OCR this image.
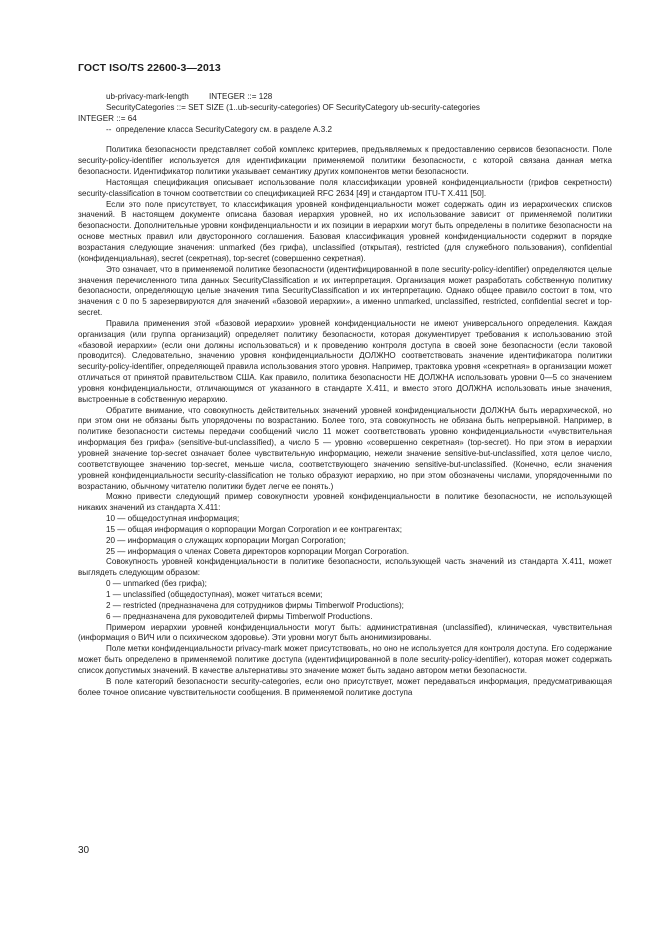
ГОСТ ISO/TS 22600-3—2013

ub-privacy-mark-length         INTEGER ::= 128

SecurityCategories ::= SET SIZE (1..ub-security-categories) OF SecurityCategory ub-security-categories

INTEGER ::= 64

--  определение класса SecurityCategory см. в разделе А.3.2

Политика безопасности представляет собой комплекс критериев, предъявляемых к предоставлению сервисов безопасности. Поле security-policy-identifier используется для идентификации применяемой политики безопасности, с которой связана данная метка безопасности. Идентификатор политики указывает семантику других компонентов метки безопасности.

Настоящая спецификация описывает использование поля классификации уровней конфиденциальности (грифов секретности) security-classification в точном соответствии со спецификацией RFC 2634 [49] и стандартом ITU-T X.411 [50].

Если это поле присутствует, то классификация уровней конфиденциальности может содержать один из иерархических списков значений. В настоящем документе описана базовая иерархия уровней, но их использование зависит от применяемой политики безопасности. Дополнительные уровни конфиденциальности и их позиции в иерархии могут быть определены в политике безопасности на основе местных правил или двусторонного соглашения. Базовая классификация уровней конфиденциальности содержит в порядке возрастания следующие значения: unmarked (без грифа), unclassified (открытая), restricted (для служебного пользования), confidential (конфиденциальная), secret (секретная), top-secret (совершенно секретная).

Это означает, что в применяемой политике безопасности (идентифицированной в поле security-policy-identifier) определяются целые значения перечисленного типа данных SecurityClassification и их интерпретация. Организация может разработать собственную политику безопасности, определяющую целые значения типа SecurityClassification и их интерпретацию. Однако общее правило состоит в том, что значения с 0 по 5 зарезервируются для значений «базовой иерархии», а именно unmarked, unclassified, restricted, confidential secret и top-secret.

Правила применения этой «базовой иерархии» уровней конфиденциальности не имеют универсального определения. Каждая организация (или группа организаций) определяет политику безопасности, которая документирует требования к использованию этой «базовой иерархии» (если они должны использоваться) и к проведению контроля доступа в своей зоне безопасности (если таковой проводится). Следовательно, значению уровня конфиденциальности ДОЛЖНО соответствовать значение идентификатора политики security-policy-identifier, определяющей правила использования этого уровня. Например, трактовка уровня «секретная» в организации может отличаться от принятой правительством США. Как правило, политика безопасности НЕ ДОЛЖНА использовать уровни 0—5 со значением уровня конфиденциальности, отличающимся от указанного в стандарте X.411, и вместо этого ДОЛЖНА использовать иные значения, выстроенные в собственную иерархию.

Обратите внимание, что совокупность действительных значений уровней конфиденциальности ДОЛЖНА быть иерархической, но при этом они не обязаны быть упорядочены по возрастанию. Более того, эта совокупность не обязана быть непрерывной. Например, в политике безопасности системы передачи сообщений число 11 может соответствовать уровню конфиденциальности «чувствительная информация без грифа» (sensitive-but-unclassified), а число 5 — уровню «совершенно секретная» (top-secret). Но при этом в иерархии уровней значение top-secret означает более чувствительную информацию, нежели значение sensitive-but-unclassified, хотя целое число, соответствующее значению top-secret, меньше числа, соответствующего значению sensitive-but-unclassified. (Конечно, если значения уровней конфиденциальности security-classification не только образуют иерархию, но при этом обозначены числами, упорядоченными по возрастанию, обычному читателю политики будет легче ее понять.)

Можно привести следующий пример совокупности уровней конфиденциальности в политике безопасности, не использующей никаких значений из стандарта X.411:

10 — общедоступная информация;

15 — общая информация о корпорации Morgan Corporation и ее контрагентах;

20 — информация о служащих корпорации Morgan Corporation;

25 — информация о членах Совета директоров корпорации Morgan Corporation.

Совокупность уровней конфиденциальности в политике безопасности, использующей часть значений из стандарта X.411, может выглядеть следующим образом:

0 — unmarked (без грифа);

1 — unclassified (общедоступная), может читаться всеми;

2 — restricted (предназначена для сотрудников фирмы Timberwolf Productions);

6 — предназначена для руководителей фирмы Timberwolf Productions.

Примером иерархии уровней конфиденциальности могут быть: административная (unclassified), клиническая, чувствительная (информация о ВИЧ или о психическом здоровье). Эти уровни могут быть анонимизированы.

Поле метки конфиденциальности privacy-mark может присутствовать, но оно не используется для контроля доступа. Его содержание может быть определено в применяемой политике доступа (идентифицированной в поле security-policy-identifier), которая может содержать список допустимых значений. В качестве альтернативы это значение может быть задано автором метки безопасности.

В поле категорий безопасности security-categories, если оно присутствует, может передаваться информация, предусматривающая более точное описание чувствительности сообщения. В применяемой политике доступа

30
